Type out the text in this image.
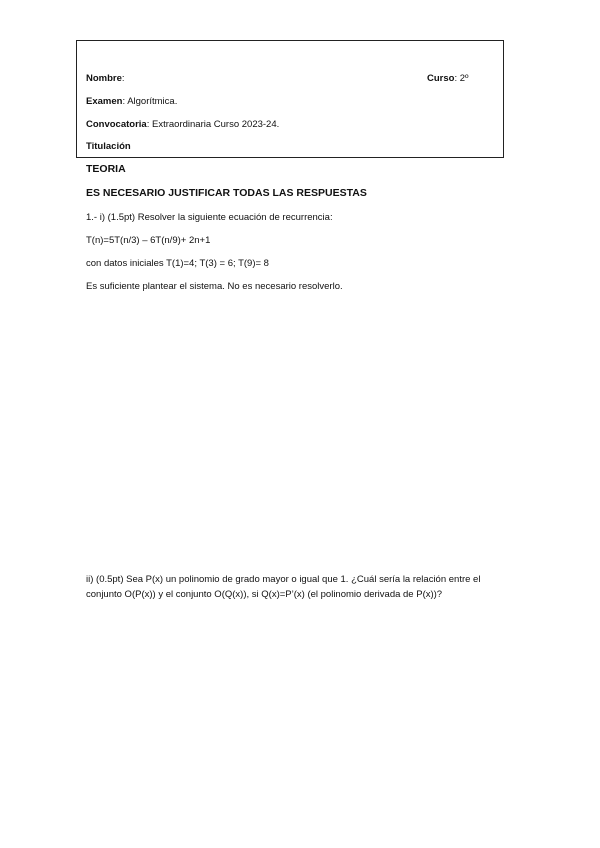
Nombre:	Curso: 2º
Examen: Algorítmica.
Convocatoria: Extraordinaria Curso 2023-24.
Titulación
TEORIA
ES NECESARIO JUSTIFICAR TODAS LAS RESPUESTAS
1.- i) (1.5pt) Resolver la siguiente ecuación de recurrencia:
T(n)=5T(n/3) – 6T(n/9)+ 2n+1
con datos iniciales T(1)=4; T(3) = 6; T(9)= 8
Es suficiente plantear el sistema. No es necesario resolverlo.
ii) (0.5pt) Sea P(x) un polinomio de grado mayor o igual que 1. ¿Cuál sería la relación entre el conjunto O(P(x)) y el conjunto O(Q(x)), si Q(x)=P’(x) (el polinomio derivada de P(x))?
